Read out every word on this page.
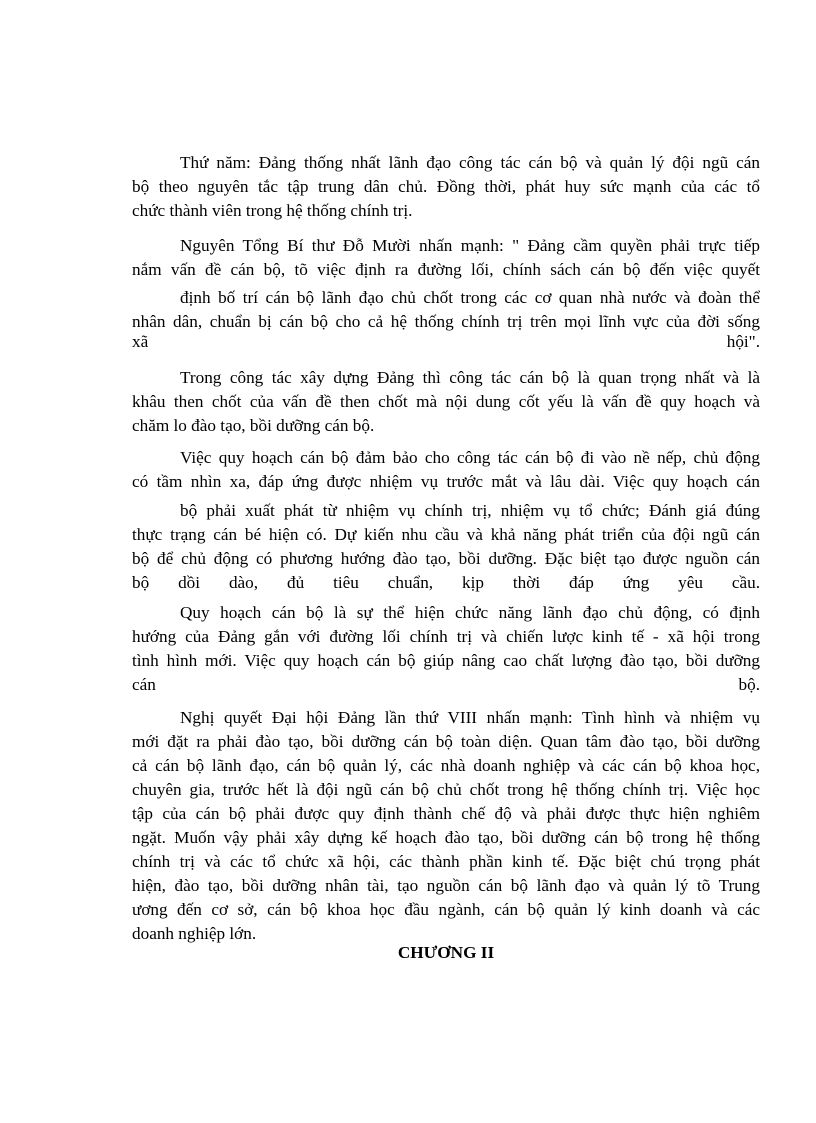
Thứ năm: Đảng thống nhất lãnh đạo công tác cán bộ và quản lý đội ngũ cán
bộ theo nguyên tắc tập trung dân chủ. Đồng thời, phát huy sức mạnh của các tổ
chức thành viên trong hệ thống chính trị.
Nguyên Tổng Bí thư Đỗ Mười nhấn mạnh: " Đảng cầm quyền phải trực tiếp
nắm vấn đề cán bộ, tõ việc định ra đường lối, chính sách cán bộ đến việc quyết
định bố trí cán bộ lãnh đạo chủ chốt trong các cơ quan nhà nước và đoàn thể
nhân dân, chuẩn bị cán bộ cho cả hệ thống chính trị trên mọi lĩnh vực của đời sống
xã	hội".
Trong công tác xây dựng Đảng thì công tác cán bộ là quan trọng nhất và là
khâu then chốt của vấn đề then chốt mà nội dung cốt yếu là vấn đề quy hoạch và
chăm lo đào tạo, bồi dưỡng cán bộ.
Việc quy hoạch cán bộ đảm bảo cho công tác cán bộ đi vào nề nếp, chủ động
có tầm nhìn xa, đáp ứng được nhiệm vụ trước mắt và lâu dài. Việc quy hoạch cán
bộ phải xuất phát từ nhiệm vụ chính trị, nhiệm vụ tổ chức; Đánh giá đúng
thực trạng cán bé hiện có. Dự kiến nhu cầu và khả năng phát triển của đội ngũ cán
bộ để chủ động có phương hướng đào tạo, bồi dưỡng. Đặc biệt tạo được nguồn cán
bộ dồi dào, đủ tiêu chuẩn, kịp thời đáp ứng yêu cầu.
Quy hoạch cán bộ là sự thể hiện chức năng lãnh đạo chủ động, có định
hướng của Đảng gắn với đường lối chính trị và chiến lược kinh tế - xã hội trong
tình hình mới. Việc quy hoạch cán bộ giúp nâng cao chất lượng đào tạo, bồi dưỡng
cán	bộ.
Nghị quyết Đại hội Đảng lần thứ VIII nhấn mạnh: Tình hình và nhiệm vụ
mới đặt ra phải đào tạo, bồi dưỡng cán bộ toàn diện. Quan tâm đào tạo, bồi dưỡng
cả cán bộ lãnh đạo, cán bộ quản lý, các nhà doanh nghiệp và các cán bộ khoa học,
chuyên gia, trước hết là đội ngũ cán bộ chủ chốt trong hệ thống chính trị. Việc học
tập của cán bộ phải được quy định thành chế độ và phải được thực hiện nghiêm
ngặt. Muốn vậy phải xây dựng kế hoạch đào tạo, bồi dưỡng cán bộ trong hệ thống
chính trị và các tổ chức xã hội, các thành phần kinh tế. Đặc biệt chú trọng phát
hiện, đào tạo, bồi dưỡng nhân tài, tạo nguồn cán bộ lãnh đạo và quản lý tõ Trung
ương đến cơ sở, cán bộ khoa học đầu ngành, cán bộ quản lý kinh doanh và các
doanh nghiệp lớn.
CHƯƠNG II
